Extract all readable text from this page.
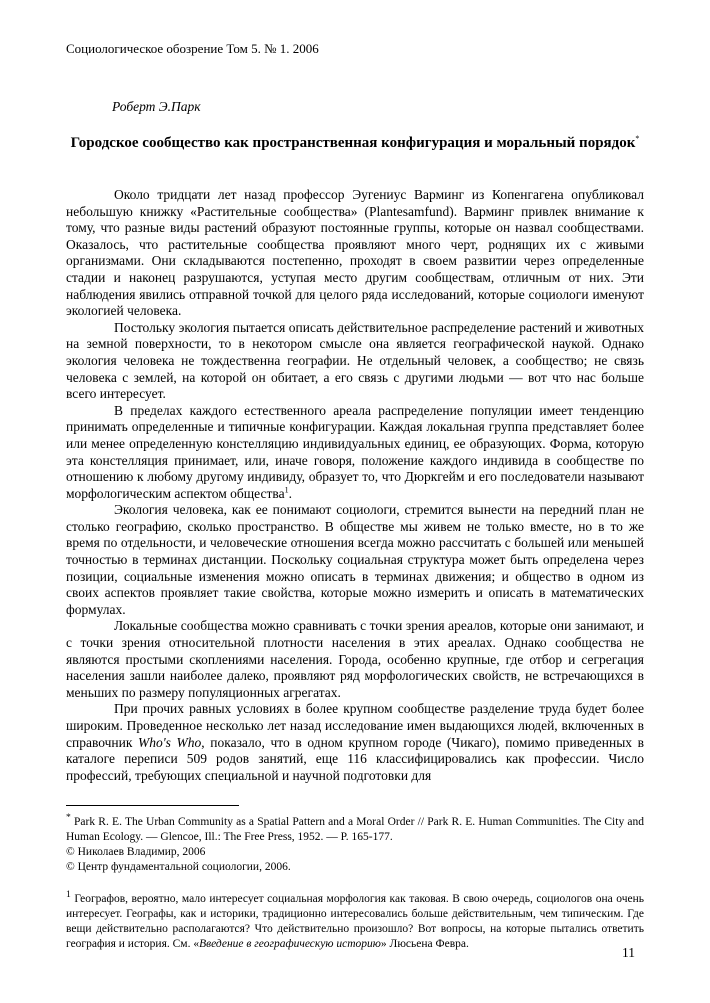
Социологическое обозрение Том 5. № 1. 2006
Роберт Э.Парк
Городское сообщество как пространственная конфигурация и моральный порядок*

Около тридцати лет назад профессор Эугениус Варминг из Копенгагена опубликовал небольшую книжку «Растительные сообщества» (Plantesamfund). Варминг привлек внимание к тому, что разные виды растений образуют постоянные группы, которые он назвал сообществами. Оказалось, что растительные сообщества проявляют много черт, роднящих их с живыми организмами. Они складываются постепенно, проходят в своем развитии через определенные стадии и наконец разрушаются, уступая место другим сообществам, отличным от них. Эти наблюдения явились отправной точкой для целого ряда исследований, которые социологи именуют экологией человека.

Постольку экология пытается описать действительное распределение растений и животных на земной поверхности, то в некотором смысле она является географической наукой. Однако экология человека не тождественна географии. Не отдельный человек, а сообщество; не связь человека с землей, на которой он обитает, а его связь с другими людьми — вот что нас больше всего интересует.

В пределах каждого естественного ареала распределение популяции имеет тенденцию принимать определенные и типичные конфигурации. Каждая локальная группа представляет более или менее определенную констелляцию индивидуальных единиц, ее образующих. Форма, которую эта констелляция принимает, или, иначе говоря, положение каждого индивида в сообществе по отношению к любому другому индивиду, образует то, что Дюркгейм и его последователи называют морфологическим аспектом общества$^1$.

Экология человека, как ее понимают социологи, стремится вынести на передний план не столько географию, сколько пространство. В обществе мы живем не только вместе, но в то же время по отдельности, и человеческие отношения всегда можно рассчитать с большей или меньшей точностью в терминах дистанции. Поскольку социальная структура может быть определена через позиции, социальные изменения можно описать в терминах движения; и общество в одном из своих аспектов проявляет такие свойства, которые можно измерить и описать в математических формулах.

Локальные сообщества можно сравнивать с точки зрения ареалов, которые они занимают, и с точки зрения относительной плотности населения в этих ареалах. Однако сообщества не являются простыми скоплениями населения. Города, особенно крупные, где отбор и сегрегация населения зашли наиболее далеко, проявляют ряд морфологических свойств, не встречающихся в меньших по размеру популяционных агрегатах.

При прочих равных условиях в более крупном сообществе разделение труда будет более широким. Проведенное несколько лет назад исследование имен выдающихся людей, включенных в справочник Who's Who, показало, что в одном крупном городе (Чикаго), помимо приведенных в каталоге переписи 509 родов занятий, еще 116 классифицировались как профессии. Число профессий, требующих специальной и научной подготовки для

* Park R. E. The Urban Community as a Spatial Pattern and a Moral Order // Park R. E. Human Communities. The City and Human Ecology. — Glencoe, Ill.: The Free Press, 1952. — P. 165-177.

© Николаев Владимир, 2006

© Центр фундаментальной социологии, 2006.

$^1$ Географов, вероятно, мало интересует социальная морфология как таковая. В свою очередь, социологов она очень интересует. Географы, как и историки, традиционно интересовались больше действительным, чем типическим. Где вещи действительно располагаются? Что действительно произошло? Вот вопросы, на которые пытались ответить география и история. См. «Введение в географическую историю» Люсьена Февра.

11
